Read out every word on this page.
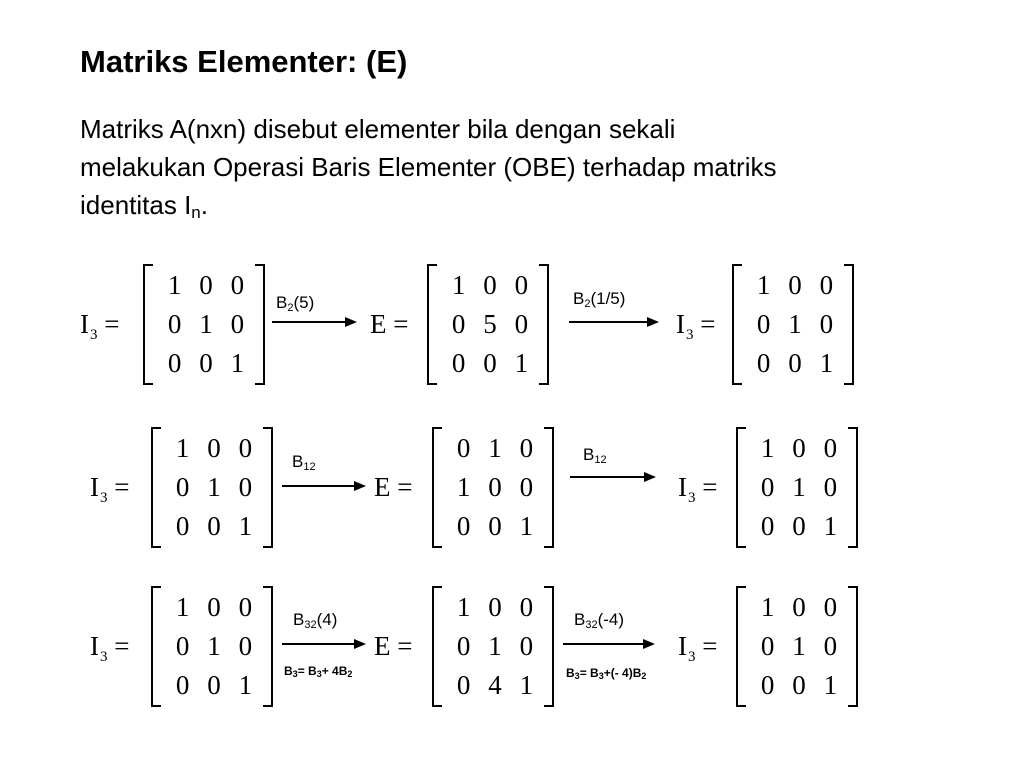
Matriks Elementer: (E)
Matriks A(nxn) disebut elementer bila dengan sekali
melakukan Operasi Baris Elementer (OBE) terhadap matriks
identitas $I_n$.
$I_3$ =
1 0 0
0 1 0
0 0 1
$B_2(5)$
E =
1 0 0
0 5 0
0 0 1
$B_2(1/5)$
$I_3$ =
1 0 0
0 1 0
0 0 1
$I_3$ =
1 0 0
0 1 0
0 0 1
$B_{12}$
E =
0 1 0
1 0 0
0 0 1
$B_{12}$
$I_3$ =
1 0 0
0 1 0
0 0 1
$I_3$ =
1 0 0
0 1 0
0 0 1
$B_{32}(4)$
$B_3= B_3+ 4B_2$
E =
1 0 0
0 1 0
0 4 1
$B_{32}(-4)$
$B_3= B_3+(-$ $4)B_2$
$I_3$ =
1 0 0
0 1 0
0 0 1
